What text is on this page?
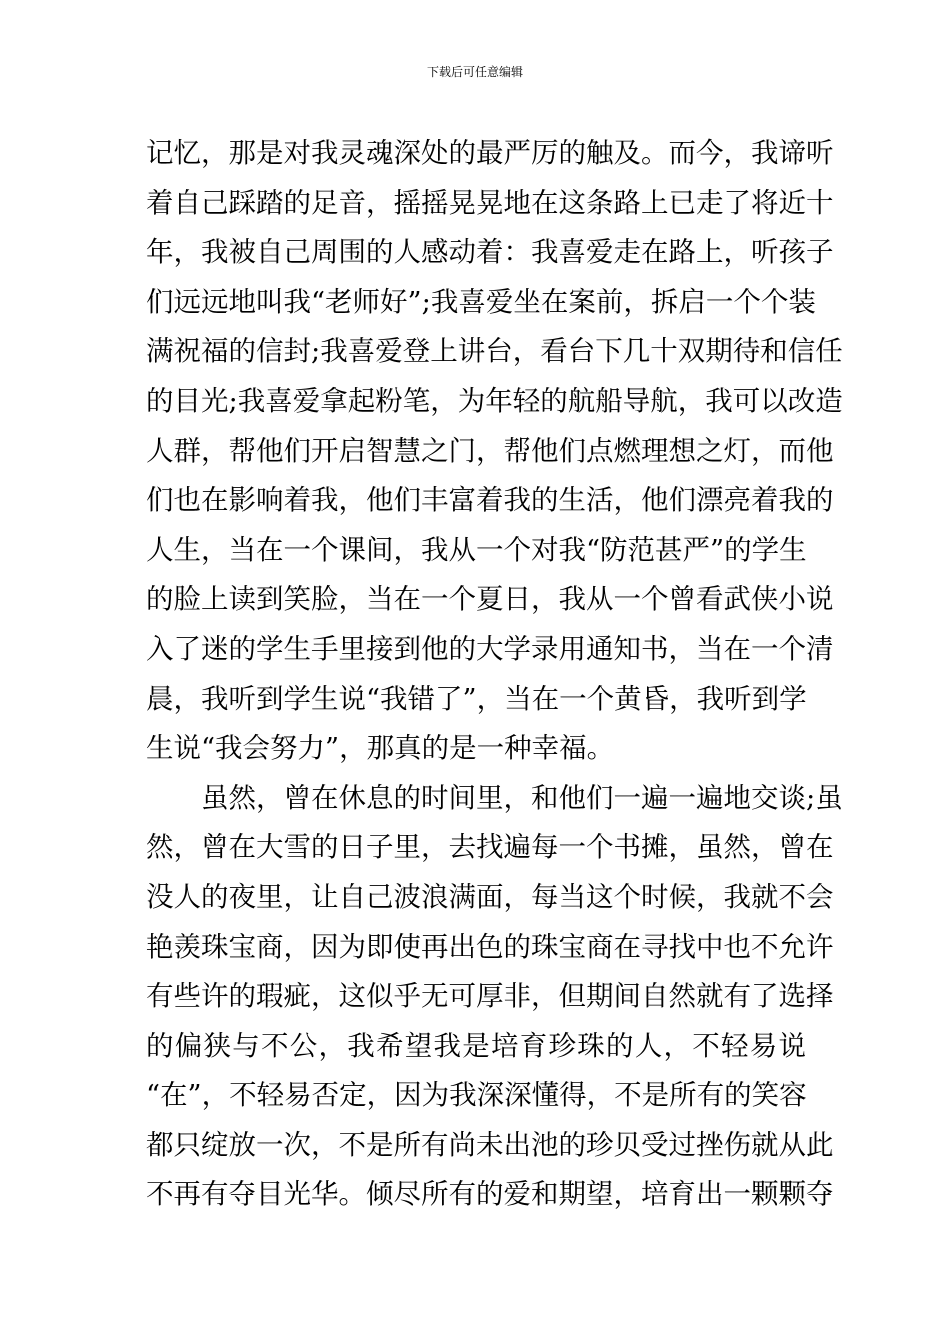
下载后可任意编辑
记忆，那是对我灵魂深处的最严厉的触及。而今，我谛听
着自己踩踏的足音，摇摇晃晃地在这条路上已走了将近十
年，我被自己周围的人感动着：我喜爱走在路上，听孩子
们远远地叫我“老师好”;我喜爱坐在案前，拆启一个个装
满祝福的信封;我喜爱登上讲台，看台下几十双期待和信任
的目光;我喜爱拿起粉笔，为年轻的航船导航，我可以改造
人群，帮他们开启智慧之门，帮他们点燃理想之灯，而他
们也在影响着我，他们丰富着我的生活，他们漂亮着我的
人生，当在一个课间，我从一个对我“防范甚严”的学生
的脸上读到笑脸，当在一个夏日，我从一个曾看武侠小说
入了迷的学生手里接到他的大学录用通知书，当在一个清
晨，我听到学生说“我错了”，当在一个黄昏，我听到学
生说“我会努力”，那真的是一种幸福。
虽然，曾在休息的时间里，和他们一遍一遍地交谈;虽
然，曾在大雪的日子里，去找遍每一个书摊，虽然，曾在
没人的夜里，让自己波浪满面，每当这个时候，我就不会
艳羡珠宝商，因为即使再出色的珠宝商在寻找中也不允许
有些许的瑕疵，这似乎无可厚非，但期间自然就有了选择
的偏狭与不公，我希望我是培育珍珠的人，不轻易说
“在”，不轻易否定，因为我深深懂得，不是所有的笑容
都只绽放一次，不是所有尚未出池的珍贝受过挫伤就从此
不再有夺目光华。倾尽所有的爱和期望，培育出一颗颗夺
